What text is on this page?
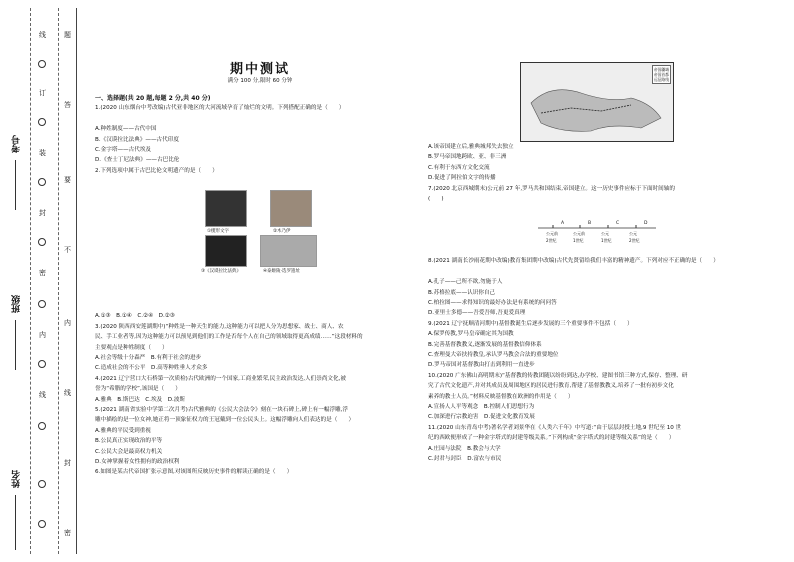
考号
班级
姓名
线
订
装
封
密
内
线
题
答
要
不
内
线
封
密
期中测试
满分 100 分,限时 60 分钟
一、选择题(共 20 题,每题 2 分,共 40 分)
1.(2020 山东烟台中考改编)古代亚非地区的大河流域孕育了灿烂的文明。下列搭配正确的是（　　）
A.种姓制度——古代中国
B.《汉谟拉比法典》——古代印度
C.金字塔——古代埃及
D.《查士丁尼法典》——古巴比伦
2.下列选项中属于古巴比伦文明遗产的是（　　）
A.①③　B.①④　C.②④　D.②③
3.(2020 陕西西安莲湖期中)“种姓是一种天生的能力,这种能力可以把人分为思想家、战士、商人、农
民、手工业者等,因为这种能力可以预见到他们的工作是否每个人在自己的领域取得更高成绩……”这段材料的
主要观点是种姓制度（　　）
A.社会等级十分森严　B.有利于社会的进步
C.造成社会的不公平　D.高等种姓垂人才众多
4.(2021 辽宁营口大石桥第一次质检)古代欧洲的一个国家,工商业繁荣,民主政治发达,人们崇尚文化,被
誉为“希腊的学校”,该国是（　　）
A.雅典　B.斯巴达　C.埃及　D.波斯
5.(2021 湖南省实验中学第二次月考)古代雅典的《公民大会法令》刻在一块石碑上,碑上有一幅浮雕,浮
雕中描绘的是一位女神,她正将一顶象征权力的王冠戴到一位公民头上。这幅浮雕向人们表达的是（　　）
A.雅典的平民受到重视
B.公民真正实现政治的平等
C.公民大会是最高权力机关
D.女神掌握着女性拥有的政治权利
6.如图是某古代帝国扩张示意图,对该图所反映历史事件的解读正确的是（　　）
①楔形文字	②木乃伊
③《汉谟拉比法典》	④泰姬陵·选罗遗址
帝国疆域
帝国首都
远征路线
A.该帝国建立后,雅典城邦失去独立
B.罗马帝国地跨欧、亚、非三洲
C.有利于东西方文化交流
D.促进了阿拉伯文字的传播
7.(2020 北京西城期末)公元前 27 年,罗马共和国结束,帝国建立。这一历史事件应标于下面时间轴的
(　　)
8.(2021 湖南长沙雨花期中改编)教育集团期中改编)古代先贤留给我们丰富的精神遗产。下列对应不正确的是（　　）
A.孔子——己所不欲,勿施于人
B.苏格拉底——认识你自己
C.柏拉图——求得知识的最好办法是有系统的问问答
D.亚里士多德——吾爱吾师,吾更爱真理
9.(2021 辽宁抚顺清河期中)基督教诞生后逐步发展的三个重要事件不包括（　　）
A.保罗传教,罗马皇帝确定其为国教
B.完善基督教教义,逐渐发展的基督教信仰体系
C.查理曼大帝扶持教皇,承认罗马教会合法的重要地位
D.罗马帝国对基督教由打击到利用一直进步
10.(2020 广东佛山高明期末)“基督教的传教团随以纷纷到达,办学校、建图书馆三种方式,保存、整理、研
究了古代文化遗产,并对其成员及周围地区的居民进行教育,帮建了基督教教义,培养了一批有初步文化
素养的教士人员。”材料反映基督教在欧洲的作用是（　　）
A.宣扬人人平等观念　B.控制人们思想行为
C.加深进行宗教迫害　D.促进文化教育发展
11.(2020 山东青岛中考)著名学者刘景华在《人类六千年》中写道:“由于层层封授土地,9 世纪至 10 世
纪的西欧便形成了一种金字塔式的封建等级关系。”下列构成“金字塔式的封建等级关系”的是（　　）
A.庄园与法院　B.教会与大学
C.封君与封臣　D.富农与市民
A	B	C	D
公元前
2世纪
公元前
1世纪
公元
1世纪
公元
2世纪
